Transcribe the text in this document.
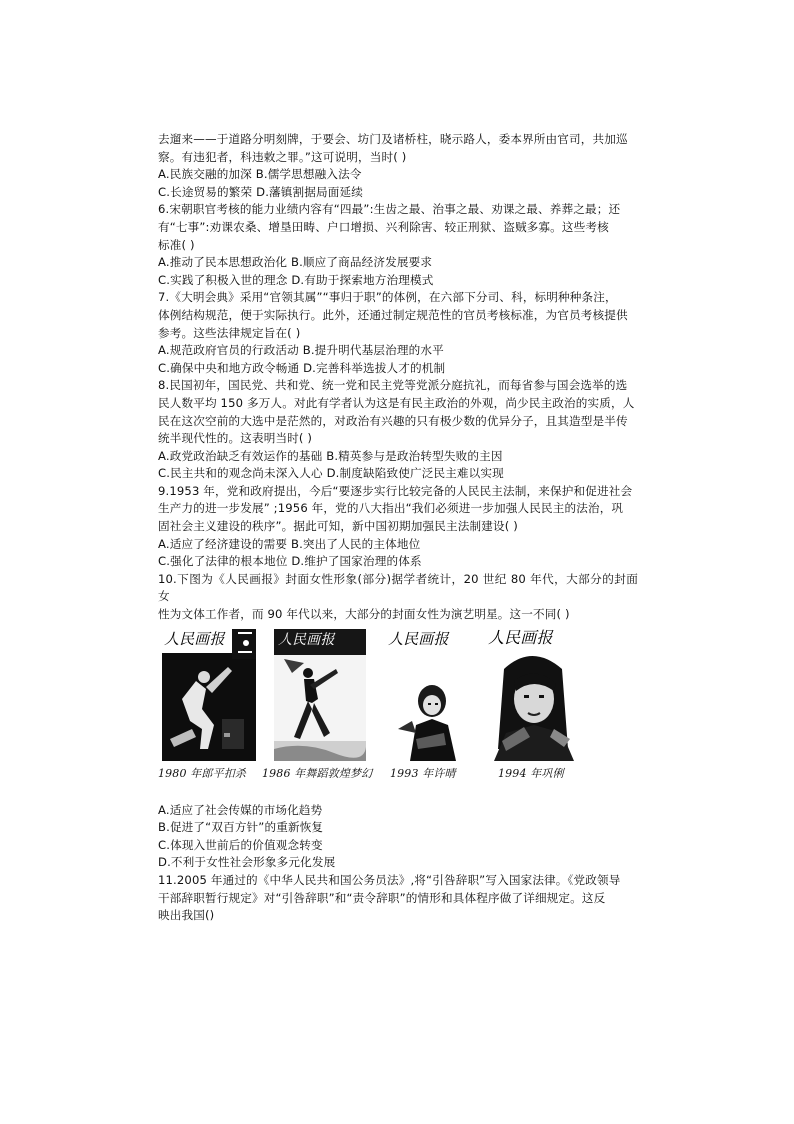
去遛来——于道路分明刻牌，于要会、坊门及诸桥柱，晓示路人，委本界所由官司，共加巡

察。有违犯者，科违敕之罪。”这可说明，当时( )

A.民族交融的加深 B.儒学思想融入法令

C.长途贸易的繁荣 D.藩镇割据局面延续

6.宋朝职官考核的能力业绩内容有“四最”:生齿之最、治事之最、劝课之最、养葬之最；还

有“七事”:劝课农桑、增垦田畴、户口增损、兴利除害、较正刑狱、盗贼多寡。这些考核

标准( )

A.推动了民本思想政治化 B.顺应了商品经济发展要求

C.实践了积极入世的理念 D.有助于探索地方治理模式

7.《大明会典》采用“官领其属”“事归于职”的体例，在六部下分司、科，标明种种条注，

体例结构规范，便于实际执行。此外，还通过制定规范性的官员考核标准，为官员考核提供

参考。这些法律规定旨在( )

A.规范政府官员的行政活动 B.提升明代基层治理的水平

C.确保中央和地方政令畅通 D.完善科举选拔人才的机制

8.民国初年，国民党、共和党、统一党和民主党等党派分庭抗礼，而每省参与国会选举的选

民人数平均 150 多万人。对此有学者认为这是有民主政治的外观，尚少民主政治的实质，人

民在这次空前的大选中是茫然的，对政治有兴趣的只有极少数的优异分子，且其造型是半传

统半现代性的。这表明当时( )

A.政党政治缺乏有效运作的基础 B.精英参与是政治转型失败的主因

C.民主共和的观念尚未深入人心 D.制度缺陷致使广泛民主难以实现

9.1953 年，党和政府提出，今后“要逐步实行比较完备的人民民主法制，来保护和促进社会

生产力的进一步发展” ;1956 年，党的八大指出“我们必须进一步加强人民民主的法治，巩

固社会主义建设的秩序”。据此可知，新中国初期加强民主法制建设( )

A.适应了经济建设的需要 B.突出了人民的主体地位

C.强化了法律的根本地位 D.维护了国家治理的体系

10.下图为《人民画报》封面女性形象(部分)据学者统计，20 世纪 80 年代，大部分的封面女

性为文体工作者，而 90 年代以来，大部分的封面女性为演艺明星。这一不同( )

人民画报	人民画报	人民画报 人民画报
1980 年郎平扣杀 1986 年舞蹈敦煌梦幻 1993 年许晴	1994 年巩俐

A.适应了社会传媒的市场化趋势

B.促进了“双百方针”的重新恢复

C.体现入世前后的价值观念转变

D.不利于女性社会形象多元化发展

11.2005 年通过的《中华人民共和国公务员法》,将“引咎辞职”写入国家法律。《党政领导

干部辞职暂行规定》对“引咎辞职”和“责令辞职”的情形和具体程序做了详细规定。这反

映出我国()
